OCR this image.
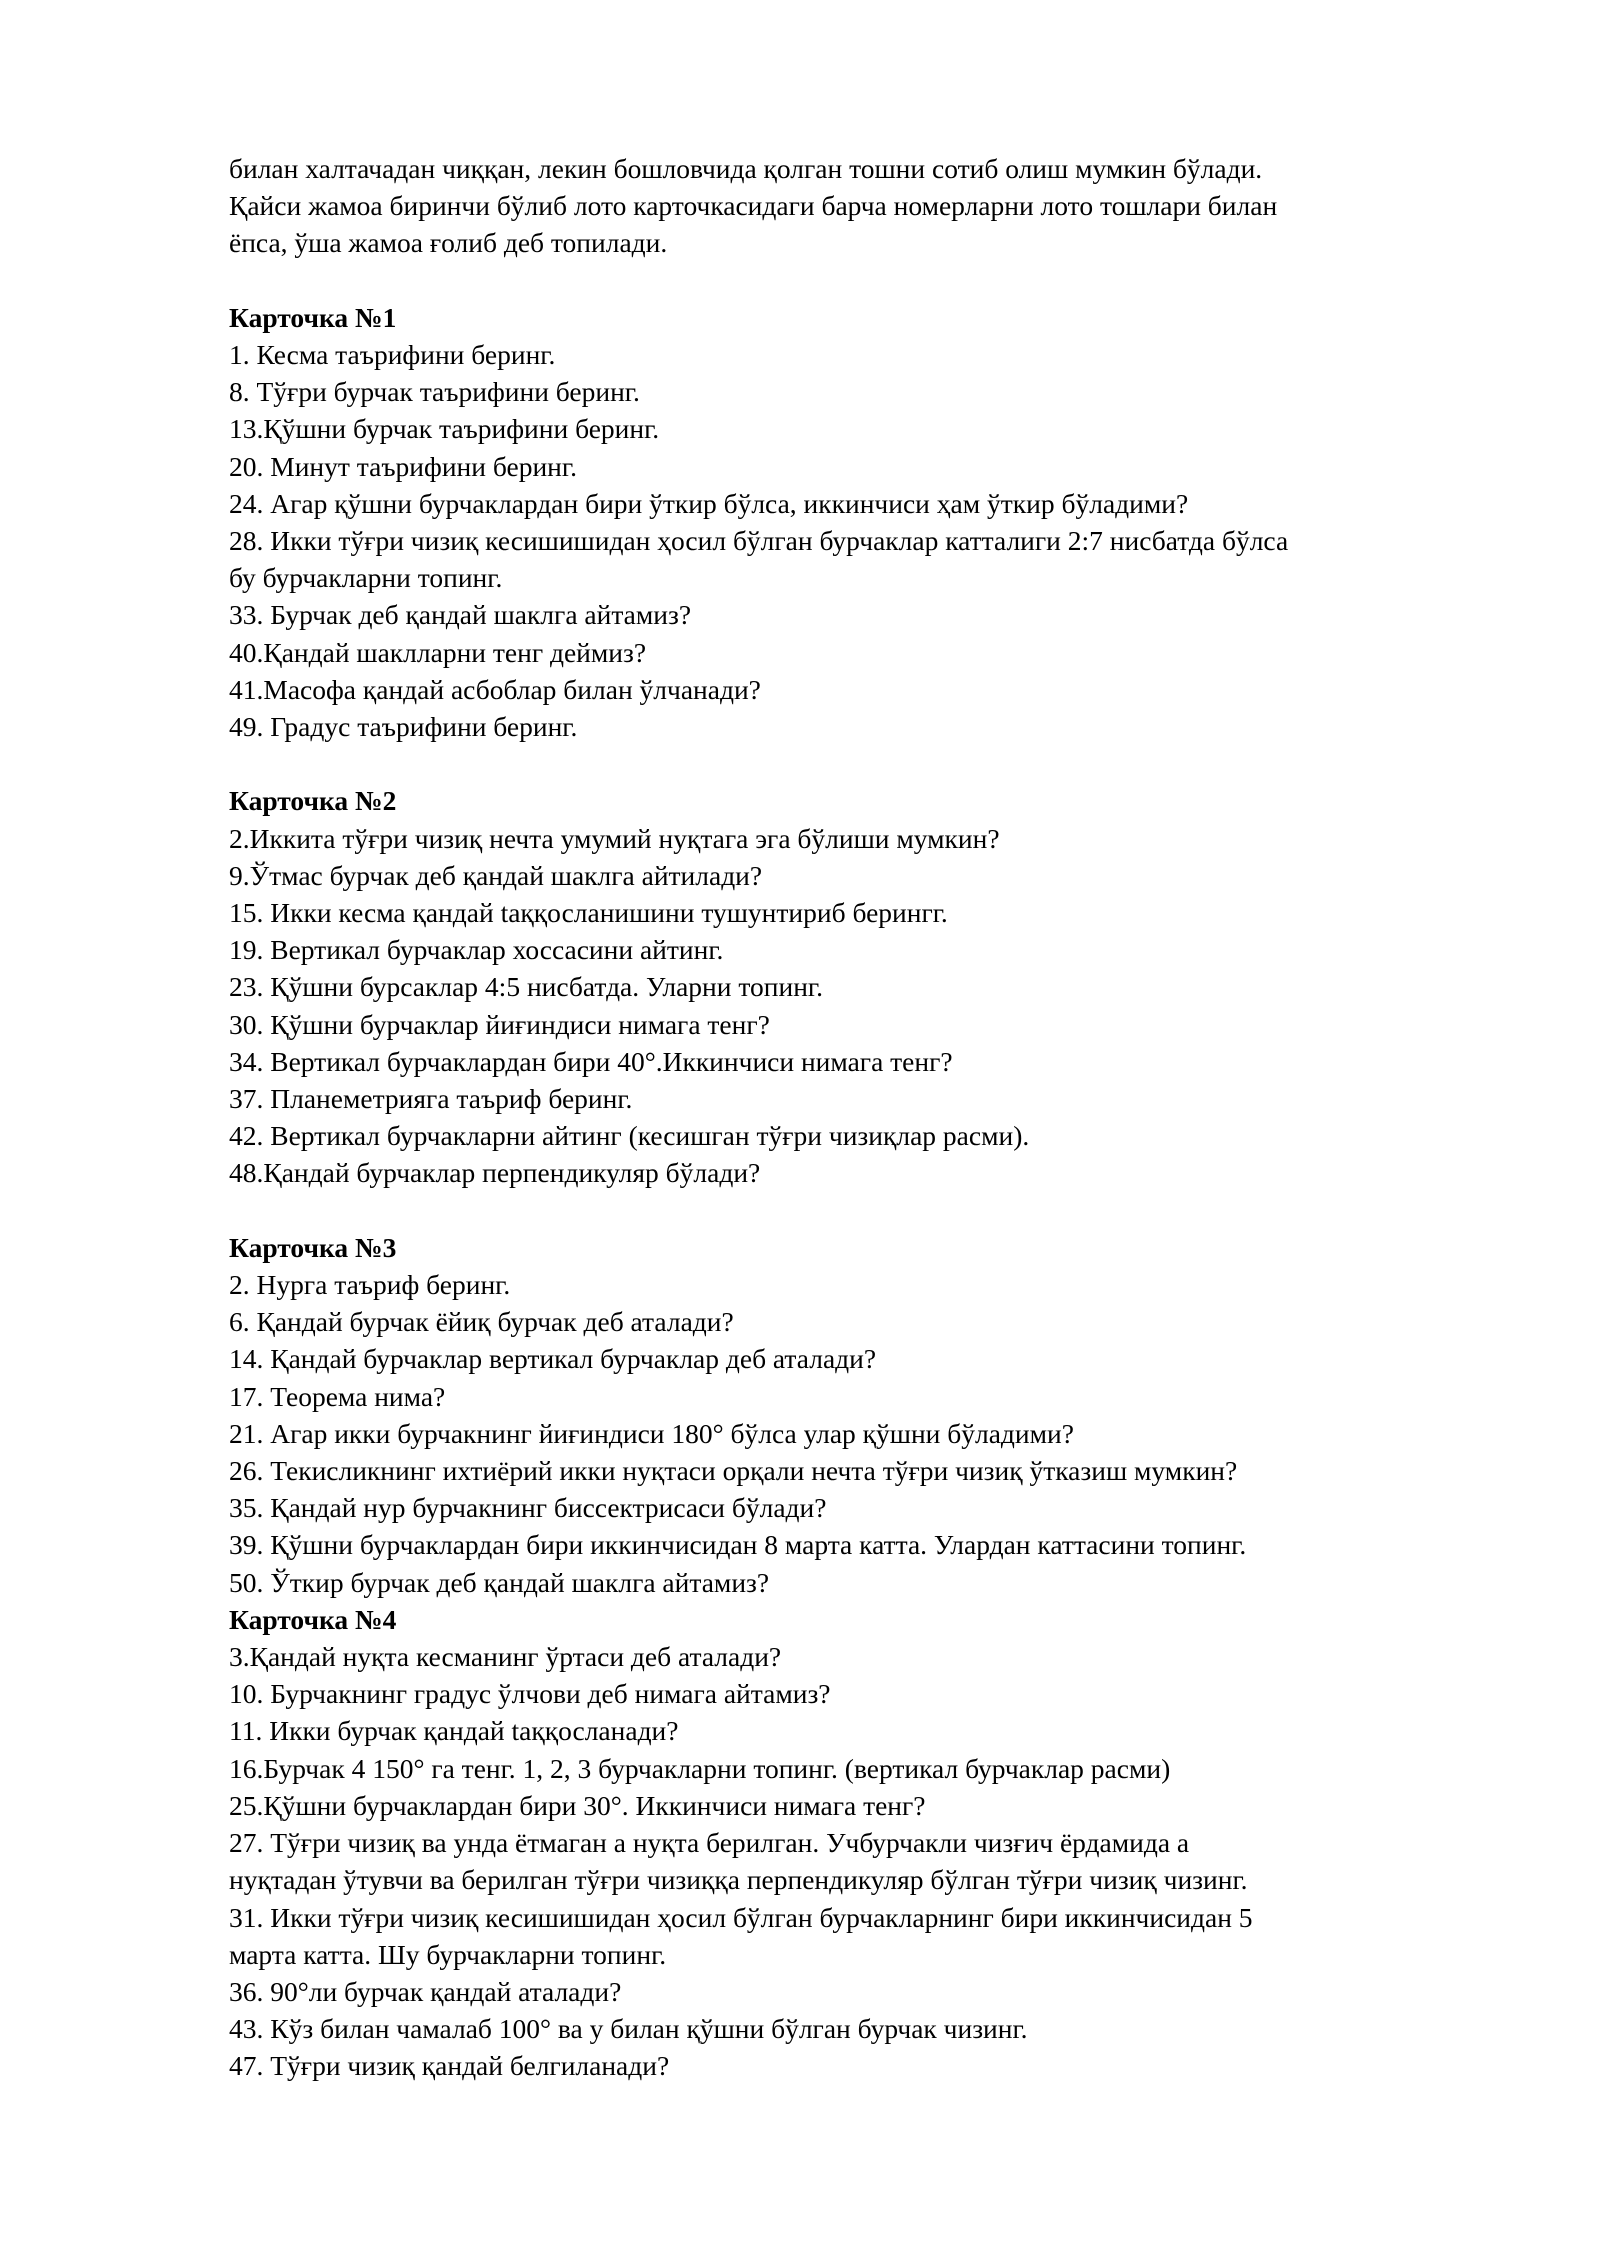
билан халтачадан чиққан, лекин бошловчида қолган тошни сотиб олиш мумкин бўлади.
Қайси жамоа биринчи бўлиб лото карточкасидаги барча номерларни лото тошлари билан
ёпса, ўша жамоа ғолиб деб топилади.
Карточка №1
1. Кесма таърифини беринг.
8. Тўғри бурчак таърифини беринг.
13.Қўшни бурчак таърифини беринг.
20. Минут таърифини беринг.
24. Агар қўшни бурчаклардан бири ўткир бўлса, иккинчиси ҳам ўткир бўладими?
28. Икки тўғри чизиқ кесишишидан ҳосил бўлган бурчаклар катталиги 2:7 нисбатда бўлса
бу бурчакларни топинг.
33. Бурчак деб қандай шаклга айтамиз?
40.Қандай шаклларни тенг деймиз?
41.Масофа қандай асбоблар билан ўлчанади?
49. Градус таърифини беринг.
Карточка №2
2.Иккита тўғри чизиқ нечта умумий нуқтага эга бўлиши мумкин?
9.Ўтмас бурчак деб қандай шаклга айтилади?
15. Икки кесма қандай taққосланишини тушунтириб берингг.
19. Вертикал бурчаклар хоссасини айтинг.
23. Қўшни бурсаклар 4:5 нисбатда. Уларни топинг.
30. Қўшни бурчаклар йиғиндиси нимага тенг?
34. Вертикал бурчаклардан бири 40°.Иккинчиси нимага тенг?
37. Планеметрияга таъриф беринг.
42. Вертикал бурчакларни айтинг (кесишган тўғри чизиқлар расми).
48.Қандай бурчаклар перпендикуляр бўлади?
Карточка №3
2. Нурга таъриф беринг.
6. Қандай бурчак ёйиқ бурчак деб аталади?
14. Қандай бурчаклар вертикал бурчаклар деб аталади?
17. Теорема нима?
21. Агар икки бурчакнинг йиғиндиси 180° бўлса улар қўшни бўладими?
26. Текисликнинг ихтиёрий икки нуқтаси орқали нечта тўғри чизиқ ўтказиш мумкин?
35. Қандай нур бурчакнинг биссектрисаси бўлади?
39. Қўшни бурчаклардан бири иккинчисидан 8 марта катта. Улардан каттасини топинг.
50. Ўткир бурчак деб қандай шаклга айтамиз?
Карточка №4
3.Қандай нуқта кесманинг ўртаси деб аталади?
10. Бурчакнинг градус ўлчови деб нимага айтамиз?
11. Икки бурчак қандай taққосланади?
16.Бурчак 4 150° га тенг. 1, 2, 3 бурчакларни топинг. (вертикал бурчаклар расми)
25.Қўшни бурчаклардан бири 30°. Иккинчиси нимага тенг?
27. Тўғри чизиқ ва унда ётмаган a нуқта берилган. Учбурчакли чизғич ёрдамида a
нуқтадан ўтувчи ва берилган тўғри чизиққа перпендикуляр бўлган тўғри чизиқ чизинг.
31. Икки тўғри чизиқ кесишишидан ҳосил бўлган бурчакларнинг бири иккинчисидан 5
марта катта. Шу бурчакларни топинг.
36. 90°ли бурчак қандай аталади?
43. Кўз билан чамалаб 100° ва у билан қўшни бўлган бурчак чизинг.
47. Тўғри чизиқ қандай белгиланади?
